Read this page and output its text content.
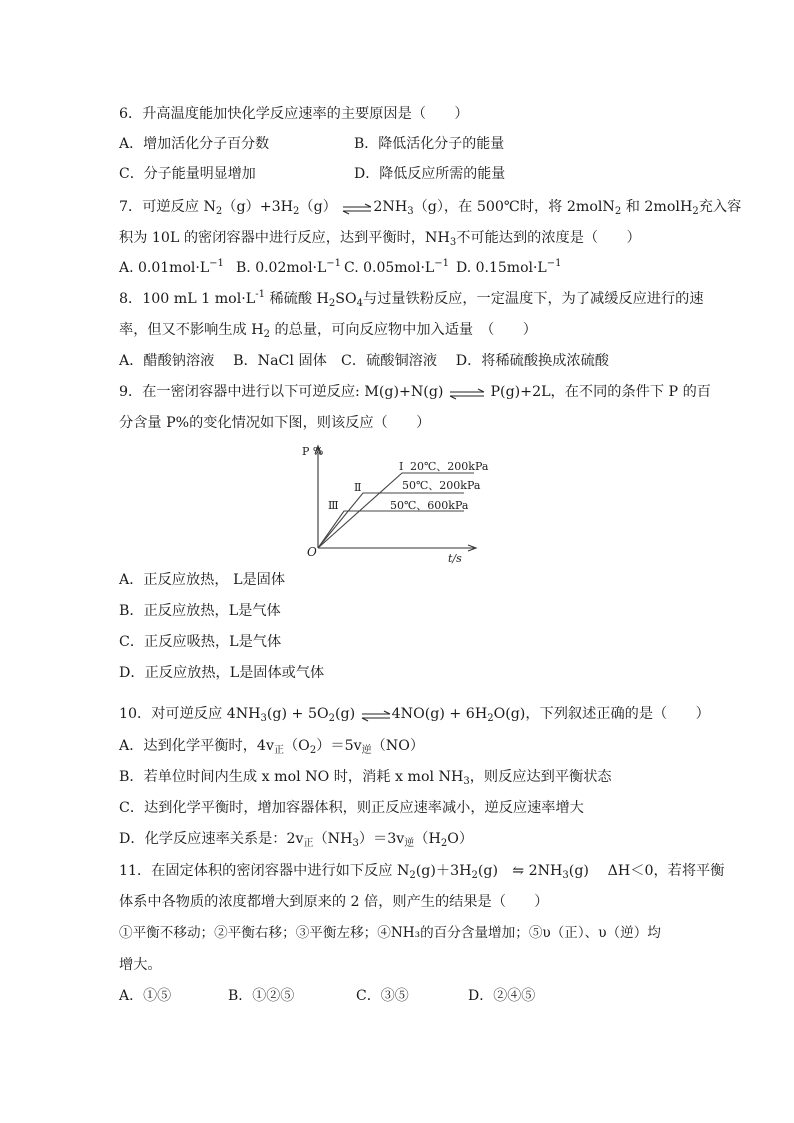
6．升高温度能加快化学反应速率的主要原因是（　　）
A．增加活化分子百分数	B．降低活化分子的能量
C．分子能量明显增加	D．降低反应所需的能量
7．可逆反应 $N_2(g)+3H_2(g)$ $\rightleftharpoons 2NH_3(g)$，在 500℃时，将 2molN$_2$ 和 2molH$_2$充入容
积为 10L 的密闭容器中进行反应，达到平衡时，$NH_3$不可能达到的浓度是（　　）
A. $0.01mol\cdot L^{-1}$ B. $0.02mol\cdot L^{-1}$ C. $0.05mol\cdot L^{-1}$ D. $0.15mol\cdot L^{-1}$
8．100 mL 1 $mol\cdot L^{-1}$ 稀硫酸 $H_2SO_4$与过量铁粉反应，一定温度下，为了减缓反应进行的速
率，但又不影响生成 $H_2$ 的总量，可向反应物中加入适量　（　　）
A．醋酸钠溶液　 B．NaCl 固体　C．硫酸铜溶液　 D．将稀硫酸换成浓硫酸
9．在一密闭容器中进行以下可逆反应: M(g)+N(g) ⇌ P(g)+2L，在不同的条件下 P 的百
分含量 P%的变化情况如下图，则该反应（　　）
P %
t/s
O
Ⅰ
Ⅱ
Ⅲ
20℃、200kPa
50℃、200kPa
50℃、600kPa
A．正反应放热， L是固体
B．正反应放热，L是气体
C．正反应吸热，L是气体
D．正反应放热，L是固体或气体
10．对可逆反应 $4NH_3(g) + 5O_2(g)$ ⇌4NO(g) + $6H_2O(g)$，下列叙述正确的是（　　）
A．达到化学平衡时，$4v_正(O_2)=5v_逆(NO)$
B．若单位时间内生成 x mol NO 时，消耗 x mol $NH_3$，则反应达到平衡状态
C．达到化学平衡时，增加容器体积，则正反应速率减小，逆反应速率增大
D．化学反应速率关系是：$2v_正(NH_3)=3v_逆(H_2O)$
11．在固定体积的密闭容器中进行如下反应 $N_2(g)+3H_2(g)$　⇋ $2NH_3(g)$　 ΔH＜0，若将平衡
体系中各物质的浓度都增大到原来的 2 倍，则产生的结果是（　　）
①平衡不移动；②平衡右移；③平衡左移；④NH₃的百分含量增加；⑤υ（正）、υ（逆）均
增大。
A．①⑤	B．①②⑤	C．③⑤	D．②④⑤
